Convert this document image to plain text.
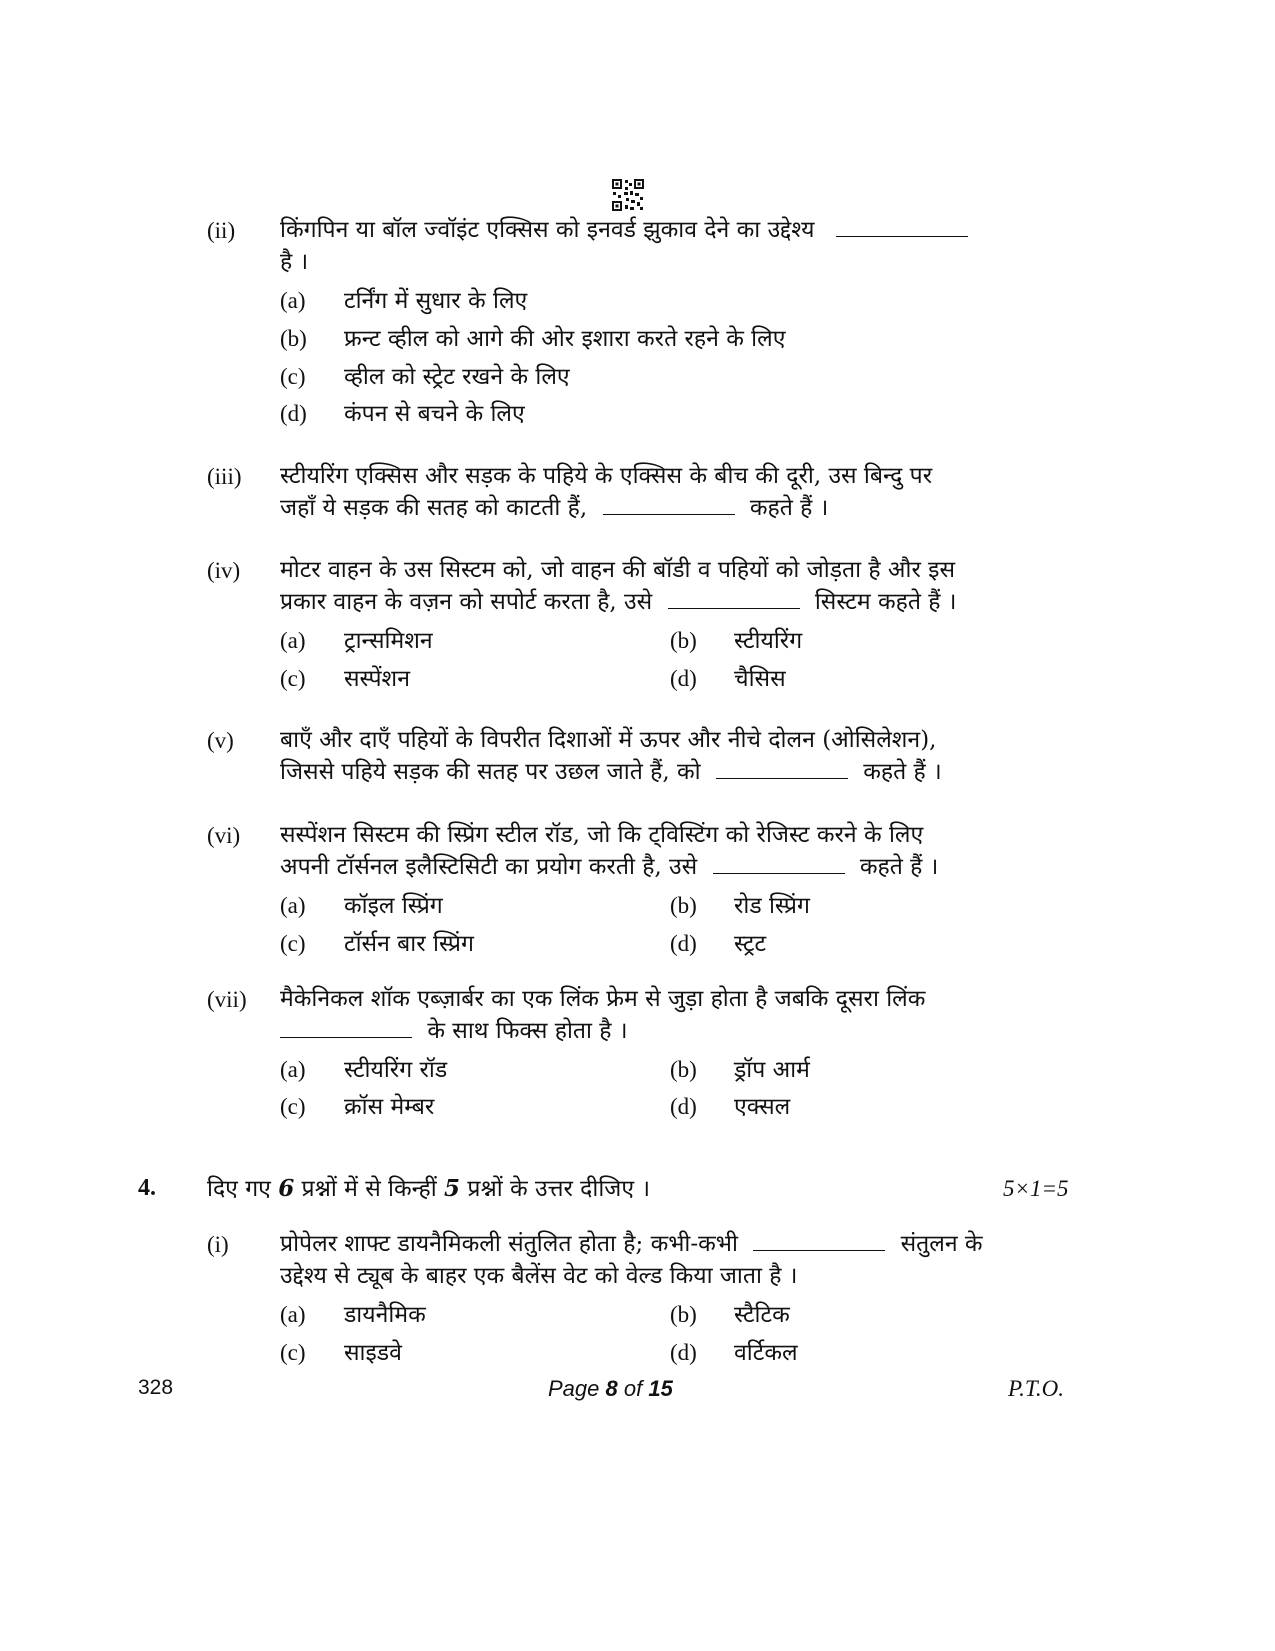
(ii) किंगपिन या बॉल ज्वॉइंट एक्सिस को इनवर्ड झुकाव देने का उद्देश्य
है ।
(a) टर्निंग में सुधार के लिए
(b) फ्रन्ट व्हील को आगे की ओर इशारा करते रहने के लिए
(c) व्हील को स्ट्रेट रखने के लिए
(d) कंपन से बचने के लिए
(iii) स्टीयरिंग एक्सिस और सड़क के पहिये के एक्सिस के बीच की दूरी, उस बिन्दु पर
जहाँ ये सड़क की सतह को काटती हैं,	कहते हैं ।
(iv) मोटर वाहन के उस सिस्टम को, जो वाहन की बॉडी व पहियों को जोड़ता है और इस
प्रकार वाहन के वज़न को सपोर्ट करता है, उसे	सिस्टम कहते हैं ।
(a) ट्रान्समिशन	(b) स्टीयरिंग
(c) सस्पेंशन	(d) चैसिस
(v) बाएँ और दाएँ पहियों के विपरीत दिशाओं में ऊपर और नीचे दोलन (ओसिलेशन),
जिससे पहिये सड़क की सतह पर उछल जाते हैं, को	कहते हैं ।
(vi) सस्पेंशन सिस्टम की स्प्रिंग स्टील रॉड, जो कि ट्विस्टिंग को रेजिस्ट करने के लिए
अपनी टॉर्सनल इलैस्टिसिटी का प्रयोग करती है, उसे	कहते हैं ।
(a) कॉइल स्प्रिंग	(b) रोड स्प्रिंग
(c) टॉर्सन बार स्प्रिंग	(d) स्ट्रट
(vii) मैकेनिकल शॉक एब्ज़ार्बर का एक लिंक फ्रेम से जुड़ा होता है जबकि दूसरा लिंक
के साथ फिक्स होता है ।
(a) स्टीयरिंग रॉड	(b) ड्रॉप आर्म
(c) क्रॉस मेम्बर	(d) एक्सल
4. दिए गए 6 प्रश्नों में से किन्हीं 5 प्रश्नों के उत्तर दीजिए ।	5×1=5
(i) प्रोपेलर शाफ्ट डायनैमिकली संतुलित होता है; कभी-कभी	संतुलन के
उद्देश्य से ट्यूब के बाहर एक बैलेंस वेट को वेल्ड किया जाता है ।
(a) डायनैमिक	(b) स्टैटिक
(c) साइडवे	(d) वर्टिकल
328	Page 8 of 15	P.T.O.
